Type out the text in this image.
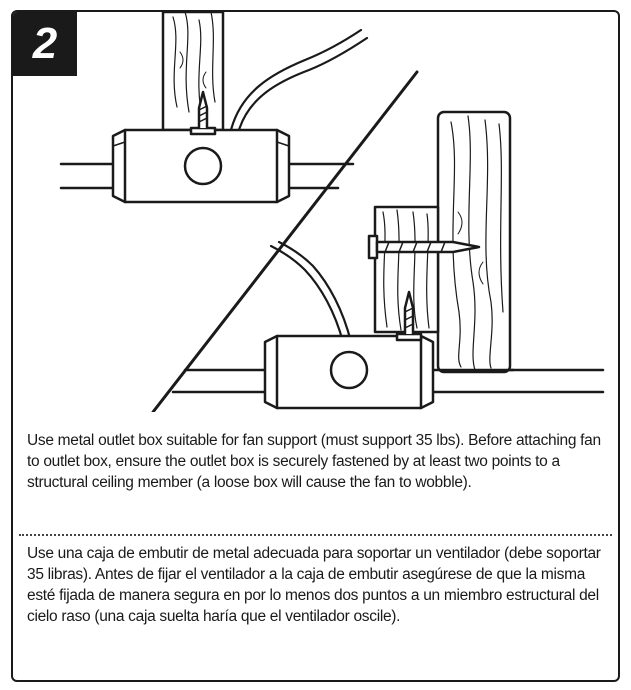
2
Use metal outlet box suitable for fan support (must support 35 lbs). Before attaching fan to outlet box, ensure the outlet box is securely fastened by at least two points to a structural ceiling member (a loose box will cause the fan to wobble).
Use una caja de embutir de metal adecuada para soportar un ventilador (debe soportar 35 libras). Antes de fijar el ventilador a la caja de embutir asegúrese de que la misma esté fijada de manera segura en por lo menos dos puntos a un miembro estructural del cielo raso (una caja suelta haría que el ventilador oscile).
